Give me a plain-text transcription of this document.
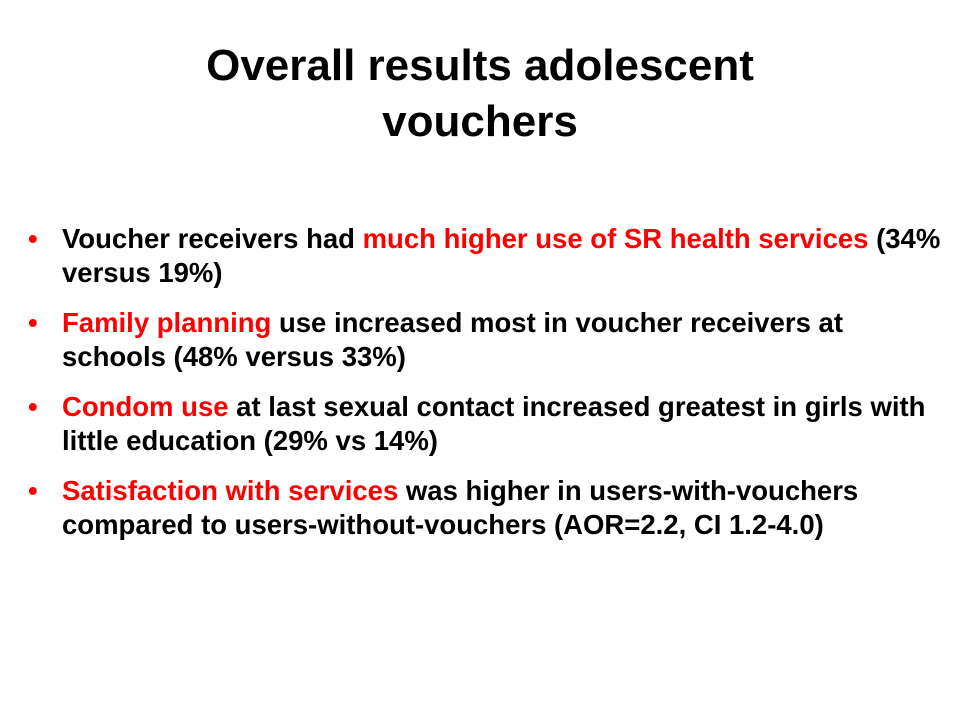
Overall results adolescent
vouchers
• Voucher receivers had much higher use of SR health services (34% versus 19%)
• Family planning use increased most in voucher receivers at schools (48% versus 33%)
• Condom use at last sexual contact increased greatest in girls with little education (29% vs 14%)
• Satisfaction with services was higher in users-with-vouchers compared to users-without-vouchers (AOR=2.2, CI 1.2-4.0)
